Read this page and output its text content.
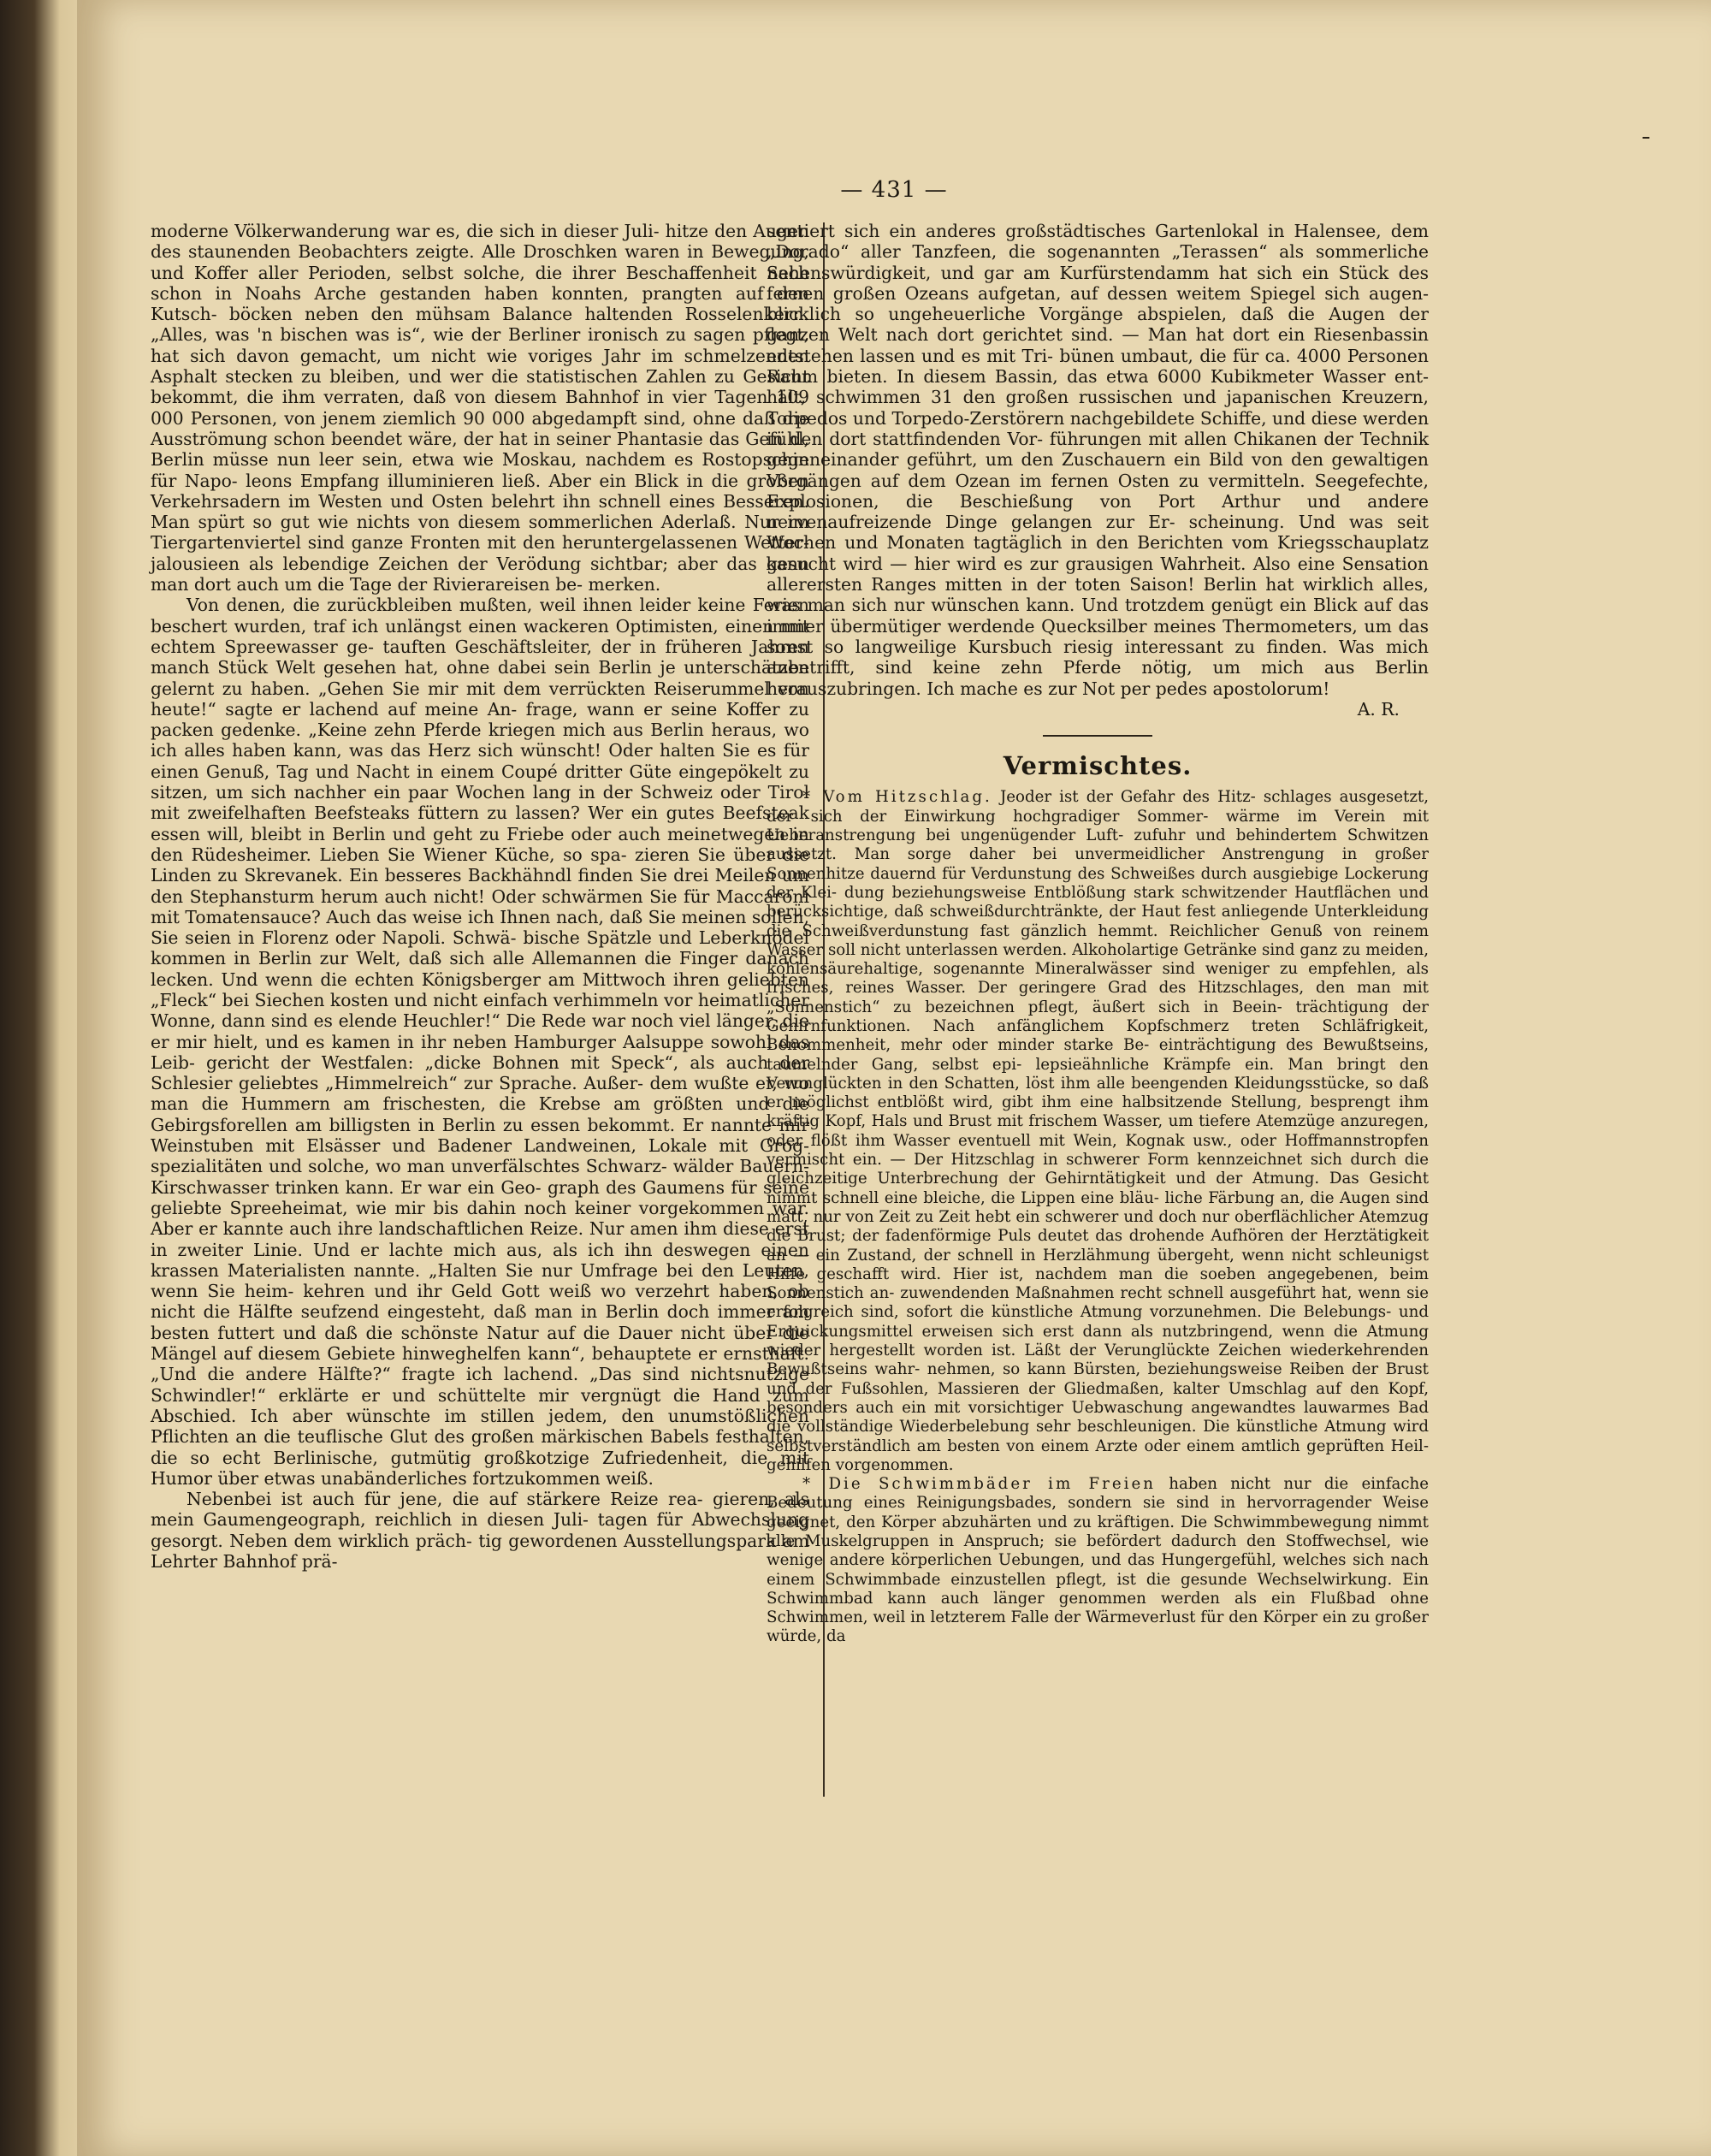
— 431 —

moderne Völkerwanderung war es, die sich in dieser Juli- hitze den Augen des staunenden Beobachters zeigte. Alle Droschken waren in Bewegung, und Koffer aller Perioden, selbst solche, die ihrer Beschaffenheit nach schon in Noahs Arche gestanden haben konnten, prangten auf den Kutsch- böcken neben den mühsam Balance haltenden Rosselenkern. „Alles, was 'n bischen was is“, wie der Berliner ironisch zu sagen pflegt, hat sich davon gemacht, um nicht wie voriges Jahr im schmelzenden Asphalt stecken zu bleiben, und wer die statistischen Zahlen zu Gesicht bekommt, die ihm verraten, daß von diesem Bahnhof in vier Tagen 109 000 Personen, von jenem ziemlich 90 000 abgedampft sind, ohne daß die Ausströmung schon beendet wäre, der hat in seiner Phantasie das Gefühl, Berlin müsse nun leer sein, etwa wie Moskau, nachdem es Rostopschin für Napo- leons Empfang illuminieren ließ. Aber ein Blick in die großen Verkehrsadern im Westen und Osten belehrt ihn schnell eines Besseren. Man spürt so gut wie nichts von diesem sommerlichen Aderlaß. Nur im Tiergartenviertel sind ganze Fronten mit den heruntergelassenen Wetter- jalousieen als lebendige Zeichen der Verödung sichtbar; aber das kann man dort auch um die Tage der Rivierareisen be- merken.

Von denen, die zurückbleiben mußten, weil ihnen leider keine Ferien beschert wurden, traf ich unlängst einen wackeren Optimisten, einen mit echtem Spreewasser ge- tauften Geschäftsleiter, der in früheren Jahren manch Stück Welt gesehen hat, ohne dabei sein Berlin je unterschätzen gelernt zu haben. „Gehen Sie mir mit dem verrückten Reiserummel von heute!“ sagte er lachend auf meine An- frage, wann er seine Koffer zu packen gedenke. „Keine zehn Pferde kriegen mich aus Berlin heraus, wo ich alles haben kann, was das Herz sich wünscht! Oder halten Sie es für einen Genuß, Tag und Nacht in einem Coupé dritter Güte eingepökelt zu sitzen, um sich nachher ein paar Wochen lang in der Schweiz oder Tirol mit zweifelhaften Beefsteaks füttern zu lassen? Wer ein gutes Beefsteak essen will, bleibt in Berlin und geht zu Friebe oder auch meinetwegen in den Rüdesheimer. Lieben Sie Wiener Küche, so spa- zieren Sie über die Linden zu Skrevanek. Ein besseres Backhähndl finden Sie drei Meilen um den Stephansturm herum auch nicht! Oder schwärmen Sie für Maccaroni mit Tomatensauce? Auch das weise ich Ihnen nach, daß Sie meinen sollen, Sie seien in Florenz oder Napoli. Schwä- bische Spätzle und Leberknödel kommen in Berlin zur Welt, daß sich alle Allemannen die Finger danach lecken. Und wenn die echten Königsberger am Mittwoch ihren geliebten „Fleck“ bei Siechen kosten und nicht einfach verhimmeln vor heimatlicher Wonne, dann sind es elende Heuchler!“ Die Rede war noch viel länger, die er mir hielt, und es kamen in ihr neben Hamburger Aalsuppe sowohl das Leib- gericht der Westfalen: „dicke Bohnen mit Speck“, als auch der Schlesier geliebtes „Himmelreich“ zur Sprache. Außer- dem wußte er, wo man die Hummern am frischesten, die Krebse am größten und die Gebirgsforellen am billigsten in Berlin zu essen bekommt. Er nannte mir Weinstuben mit Elsässer und Badener Landweinen, Lokale mit Grog- spezialitäten und solche, wo man unverfälschtes Schwarz- wälder Bauern-Kirschwasser trinken kann. Er war ein Geo- graph des Gaumens für seine geliebte Spreeheimat, wie mir bis dahin noch keiner vorgekommen war. Aber er kannte auch ihre landschaftlichen Reize. Nur amen ihm diese erst in zweiter Linie. Und er lachte mich aus, als ich ihn deswegen einen krassen Materialisten nannte. „Halten Sie nur Umfrage bei den Leuten, wenn Sie heim- kehren und ihr Geld Gott weiß wo verzehrt haben, ob nicht die Hälfte seufzend eingesteht, daß man in Berlin doch immer am besten futtert und daß die schönste Natur auf die Dauer nicht über die Mängel auf diesem Gebiete hinweghelfen kann“, behauptete er ernsthaft. „Und die andere Hälfte?“ fragte ich lachend. „Das sind nichtsnutzige Schwindler!“ erklärte er und schüttelte mir vergnügt die Hand zum Abschied. Ich aber wünschte im stillen jedem, den unumstößlichen Pflichten an die teuflische Glut des großen märkischen Babels festhalten, die so echt Berlinische, gutmütig großkotzige Zufriedenheit, die mit Humor über etwas unabänderliches fortzukommen weiß.

Nebenbei ist auch für jene, die auf stärkere Reize rea- gieren, als mein Gaumengeograph, reichlich in diesen Juli- tagen für Abwechslung gesorgt. Neben dem wirklich präch- tig gewordenen Ausstellungspark am Lehrter Bahnhof prä-

sentiert sich ein anderes großstädtisches Gartenlokal in Halensee, dem „Dorado“ aller Tanzfeen, die sogenannten „Terassen“ als sommerliche Sehenswürdigkeit, und gar am Kurfürstendamm hat sich ein Stück des fernen großen Ozeans aufgetan, auf dessen weitem Spiegel sich augen- blicklich so ungeheuerliche Vorgänge abspielen, daß die Augen der ganzen Welt nach dort gerichtet sind. — Man hat dort ein Riesenbassin entstehen lassen und es mit Tri- bünen umbaut, die für ca. 4000 Personen Raum bieten. In diesem Bassin, das etwa 6000 Kubikmeter Wasser ent- hält, schwimmen 31 den großen russischen und japanischen Kreuzern, Torpedos und Torpedo-Zerstörern nachgebildete Schiffe, und diese werden in den dort stattfindenden Vor- führungen mit allen Chikanen der Technik gegeneinander geführt, um den Zuschauern ein Bild von den gewaltigen Vorgängen auf dem Ozean im fernen Osten zu vermitteln. Seegefechte, Explosionen, die Beschießung von Port Arthur und andere nervenaufreizende Dinge gelangen zur Er- scheinung. Und was seit Wochen und Monaten tagtäglich in den Berichten vom Kriegsschauplatz gesucht wird — hier wird es zur grausigen Wahrheit. Also eine Sensation allerersten Ranges mitten in der toten Saison! Berlin hat wirklich alles, was man sich nur wünschen kann. Und trotzdem genügt ein Blick auf das immer übermütiger werdende Quecksilber meines Thermometers, um das sonst so langweilige Kursbuch riesig interessant zu finden. Was mich anbetrifft, sind keine zehn Pferde nötig, um mich aus Berlin herauszubringen. Ich mache es zur Not per pedes apostolorum!

A. R.

Vermischtes.

* Vom Hitzschlag. Jeoder ist der Gefahr des Hitz- schlages ausgesetzt, der sich der Einwirkung hochgradiger Sommer- wärme im Verein mit Ueberanstrengung bei ungenügender Luft- zufuhr und behindertem Schwitzen aussetzt. Man sorge daher bei unvermeidlicher Anstrengung in großer Sonnenhitze dauernd für Verdunstung des Schweißes durch ausgiebige Lockerung der Klei- dung beziehungsweise Entblößung stark schwitzender Hautflächen und berücksichtige, daß schweißdurchtränkte, der Haut fest anliegende Unterkleidung die Schweißverdunstung fast gänzlich hemmt. Reichlicher Genuß von reinem Wasser soll nicht unterlassen werden. Alkoholartige Getränke sind ganz zu meiden, kohlensäurehaltige, sogenannte Mineralwässer sind weniger zu empfehlen, als frisches, reines Wasser. Der geringere Grad des Hitzschlages, den man mit „Sonnenstich“ zu bezeichnen pflegt, äußert sich in Beein- trächtigung der Gehirnfunktionen. Nach anfänglichem Kopfschmerz treten Schläfrigkeit, Benommenheit, mehr oder minder starke Be- einträchtigung des Bewußtseins, taumelnder Gang, selbst epi- lepsieähnliche Krämpfe ein. Man bringt den Verunglückten in den Schatten, löst ihm alle beengenden Kleidungsstücke, so daß er möglichst entblößt wird, gibt ihm eine halbsitzende Stellung, besprengt ihm kräftig Kopf, Hals und Brust mit frischem Wasser, um tiefere Atemzüge anzuregen, oder flößt ihm Wasser eventuell mit Wein, Kognak usw., oder Hoffmannstropfen vermischt ein. — Der Hitzschlag in schwerer Form kennzeichnet sich durch die gleichzeitige Unterbrechung der Gehirntätigkeit und der Atmung. Das Gesicht nimmt schnell eine bleiche, die Lippen eine bläu- liche Färbung an, die Augen sind matt, nur von Zeit zu Zeit hebt ein schwerer und doch nur oberflächlicher Atemzug die Brust; der fadenförmige Puls deutet das drohende Aufhören der Herztätigkeit an — ein Zustand, der schnell in Herzlähmung übergeht, wenn nicht schleunigst Hilfe geschafft wird. Hier ist, nachdem man die soeben angegebenen, beim Sonnenstich an- zuwendenden Maßnahmen recht schnell ausgeführt hat, wenn sie erfolgreich sind, sofort die künstliche Atmung vorzunehmen. Die Belebungs- und Erquickungsmittel erweisen sich erst dann als nutzbringend, wenn die Atmung wieder hergestellt worden ist. Läßt der Verunglückte Zeichen wiederkehrenden Bewußtseins wahr- nehmen, so kann Bürsten, beziehungsweise Reiben der Brust und der Fußsohlen, Massieren der Gliedmaßen, kalter Umschlag auf den Kopf, besonders auch ein mit vorsichtiger Uebwaschung angewandtes lauwarmes Bad die vollständige Wiederbelebung sehr beschleunigen. Die künstliche Atmung wird selbstverständlich am besten von einem Arzte oder einem amtlich geprüften Heil- gehilfen vorgenommen.

* Die Schwimmbäder im Freien haben nicht nur die einfache Bedeutung eines Reinigungsbades, sondern sie sind in hervorragender Weise geeignet, den Körper abzuhärten und zu kräftigen. Die Schwimmbewegung nimmt alle Muskelgruppen in Anspruch; sie befördert dadurch den Stoffwechsel, wie wenige andere körperlichen Uebungen, und das Hungergefühl, welches sich nach einem Schwimmbade einzustellen pflegt, ist die gesunde Wechselwirkung. Ein Schwimmbad kann auch länger genommen werden als ein Flußbad ohne Schwimmen, weil in letzterem Falle der Wärmeverlust für den Körper ein zu großer würde, da
